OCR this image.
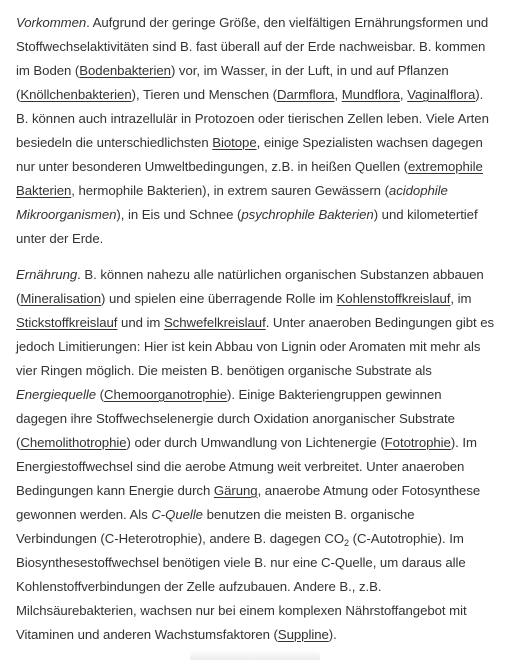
Vorkommen. Aufgrund der geringe Größe, den vielfältigen Ernährungsformen und Stoffwechselaktivitäten sind B. fast überall auf der Erde nachweisbar. B. kommen im Boden (Bodenbakterien) vor, im Wasser, in der Luft, in und auf Pflanzen (Knöllchenbakterien), Tieren und Menschen (Darmflora, Mundflora, Vaginalflora). B. können auch intrazellulär in Protozoen oder tierischen Zellen leben. Viele Arten besiedeln die unterschiedlichsten Biotope, einige Spezialisten wachsen dagegen nur unter besonderen Umweltbedingungen, z.B. in heißen Quellen (extremophile Bakterien, hermophile Bakterien), in extrem sauren Gewässern (acidophile Mikroorganismen), in Eis und Schnee (psychrophile Bakterien) und kilometertief unter der Erde.

Ernährung. B. können nahezu alle natürlichen organischen Substanzen abbauen (Mineralisation) und spielen eine überragende Rolle im Kohlenstoffkreislauf, im Stickstoffkreislauf und im Schwefelkreislauf. Unter anaeroben Bedingungen gibt es jedoch Limitierungen: Hier ist kein Abbau von Lignin oder Aromaten mit mehr als vier Ringen möglich. Die meisten B. benötigen organische Substrate als Energiequelle (Chemoorganotrophie). Einige Bakteriengruppen gewinnen dagegen ihre Stoffwechselenergie durch Oxidation anorganischer Substrate (Chemolithotrophie) oder durch Umwandlung von Lichtenergie (Fototrophie). Im Energiestoffwechsel sind die aerobe Atmung weit verbreitet. Unter anaeroben Bedingungen kann Energie durch Gärung, anaerobe Atmung oder Fotosynthese gewonnen werden. Als C-Quelle benutzen die meisten B. organische Verbindungen (C-Heterotrophie), andere B. dagegen $CO_2$ (C-Autotrophie). Im Biosynthesestoffwechsel benötigen viele B. nur eine C-Quelle, um daraus alle Kohlenstoffverbindungen der Zelle aufzubauen. Andere B., z.B. Milchsäurebakterien, wachsen nur bei einem komplexen Nährstoffangebot mit Vitaminen und anderen Wachstumsfaktoren (Suppline).
